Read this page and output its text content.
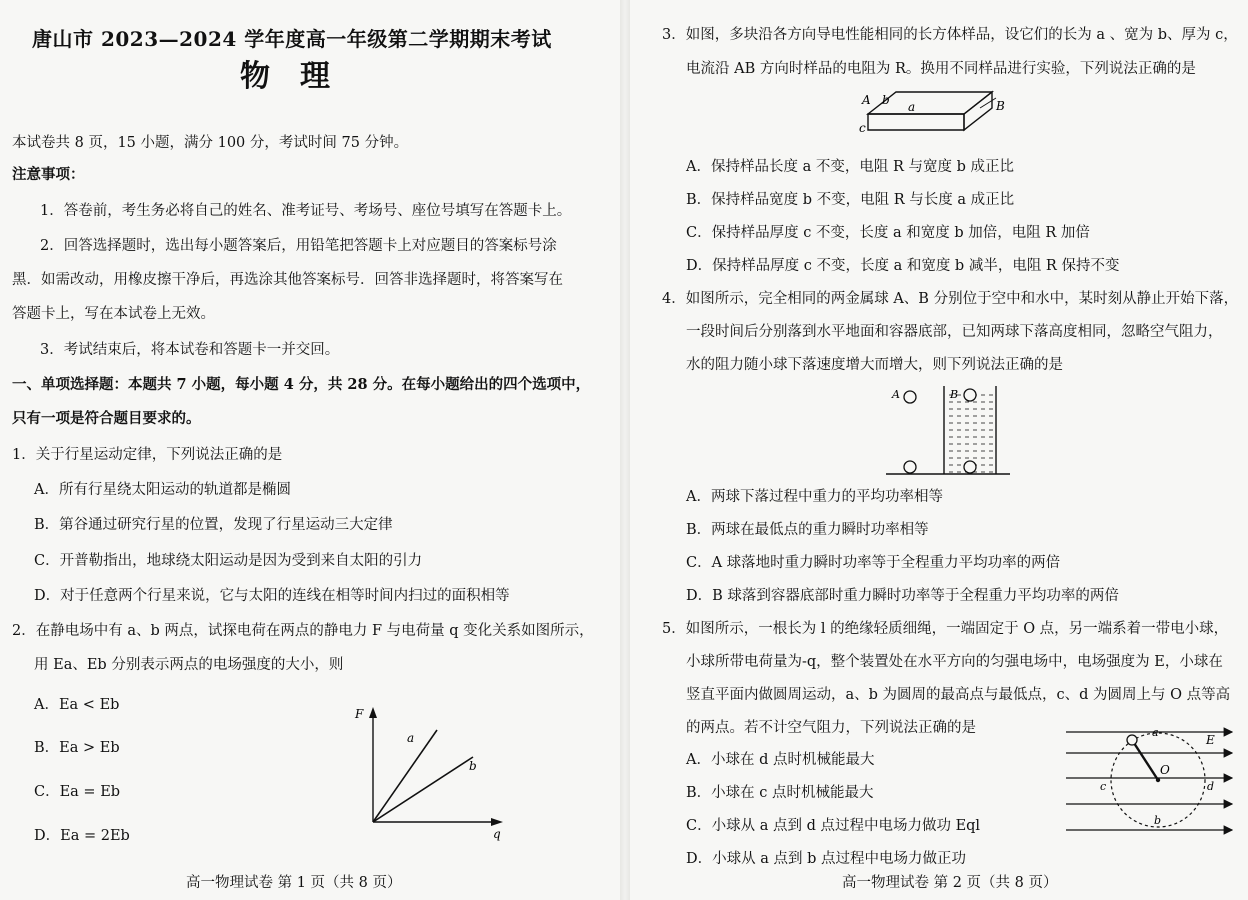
唐山市 2023—2024 学年度高一年级第二学期期末考试
物理
本试卷共 8 页，15 小题，满分 100 分，考试时间 75 分钟。
注意事项：
1．答卷前，考生务必将自己的姓名、准考证号、考场号、座位号填写在答题卡上。
2．回答选择题时，选出每小题答案后，用铅笔把答题卡上对应题目的答案标号涂
黑．如需改动，用橡皮擦干净后，再选涂其他答案标号．回答非选择题时，将答案写在
答题卡上，写在本试卷上无效。
3．考试结束后，将本试卷和答题卡一并交回。
一、单项选择题：本题共 7 小题，每小题 4 分，共 28 分。在每小题给出的四个选项中，
只有一项是符合题目要求的。
1．关于行星运动定律，下列说法正确的是
A．所有行星绕太阳运动的轨道都是椭圆
B．第谷通过研究行星的位置，发现了行星运动三大定律
C．开普勒指出，地球绕太阳运动是因为受到来自太阳的引力
D．对于任意两个行星来说，它与太阳的连线在相等时间内扫过的面积相等
2．在静电场中有 a、b 两点，试探电荷在两点的静电力 F 与电荷量 q 变化关系如图所示，
用 Ea、Eb 分别表示两点的电场强度的大小，则
A．Ea < Eb
B．Ea > Eb
C．Ea = Eb
D．Ea = 2Eb
F
q
a
b
高一物理试卷 第 1 页（共 8 页）
3．如图，多块沿各方向导电性能相同的长方体样品，设它们的长为 a 、宽为 b、厚为 c，
电流沿 AB 方向时样品的电阻为 R。换用不同样品进行实验，下列说法正确的是
A b	B
c
a
A．保持样品长度 a 不变，电阻 R 与宽度 b 成正比
B．保持样品宽度 b 不变，电阻 R 与长度 a 成正比
C．保持样品厚度 c 不变，长度 a 和宽度 b 加倍，电阻 R 加倍
D．保持样品厚度 c 不变，长度 a 和宽度 b 减半，电阻 R 保持不变
4．如图所示，完全相同的两金属球 A、B 分别位于空中和水中，某时刻从静止开始下落，
一段时间后分别落到水平地面和容器底部，已知两球下落高度相同，忽略空气阻力，
水的阻力随小球下落速度增大而增大，则下列说法正确的是
A	B
A．两球下落过程中重力的平均功率相等
B．两球在最低点的重力瞬时功率相等
C．A 球落地时重力瞬时功率等于全程重力平均功率的两倍
D．B 球落到容器底部时重力瞬时功率等于全程重力平均功率的两倍
5．如图所示，一根长为 l 的绝缘轻质细绳，一端固定于 O 点，另一端系着一带电小球，
小球所带电荷量为-q，整个装置处在水平方向的匀强电场中，电场强度为 E，小球在
竖直平面内做圆周运动，a、b 为圆周的最高点与最低点，c、d 为圆周上与 O 点等高
的两点。若不计空气阻力，下列说法正确的是
A．小球在 d 点时机械能最大
B．小球在 c 点时机械能最大
C．小球从 a 点到 d 点过程中电场力做功 Eql
D．小球从 a 点到 b 点过程中电场力做正功
E
O
a
b
c	d
高一物理试卷 第 2 页（共 8 页）
